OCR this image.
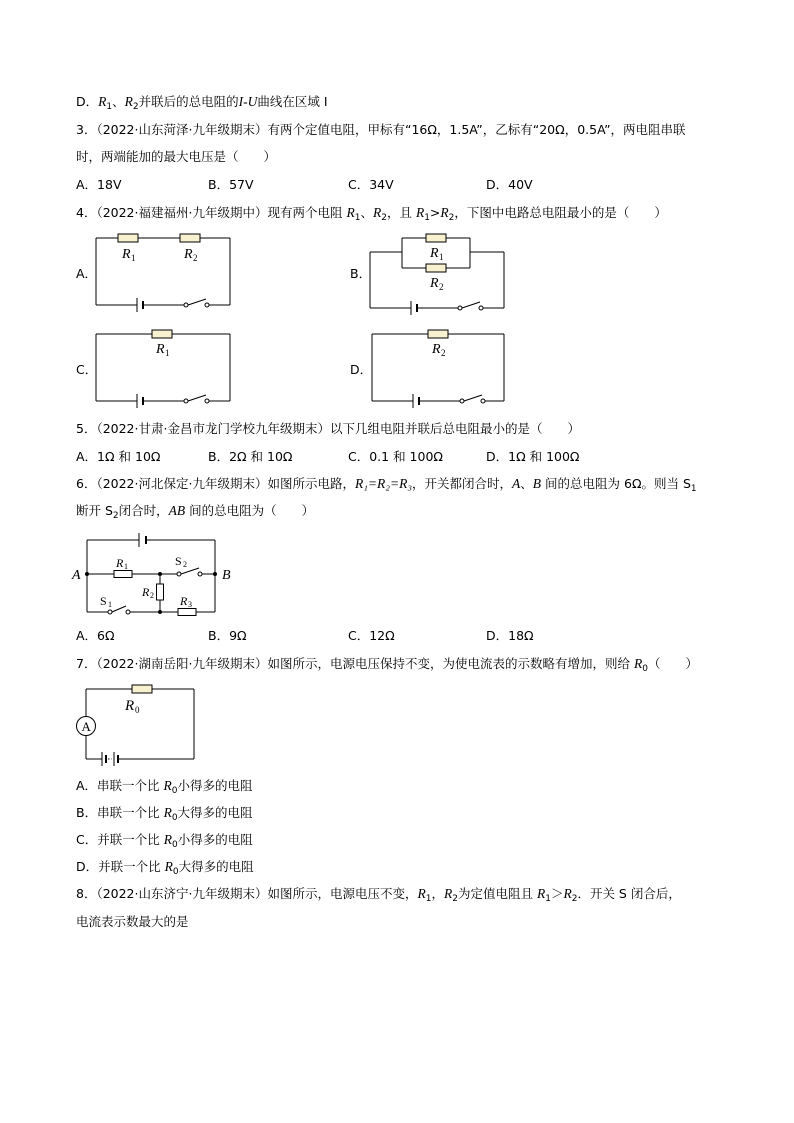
D．$R_1$、$R_2$并联后的总电阻的I-U曲线在区域 Ⅰ
3．（2022·山东菏泽·九年级期末）有两个定值电阻，甲标有“16Ω，1.5A”，乙标有“20Ω，0.5A”，两电阻串联
时，两端能加的最大电压是（　　）
A．18V	B．57V	C．34V	D．40V
4．（2022·福建福州·九年级期中）现有两个电阻 $R_1$、$R_2$，且 $R_1>R_2$，下图中电路总电阻最小的是（　　）
A．
R 1	R 2
B．
R 1
R 2
C．
R 1
D．
R 2
5．（2022·甘肃·金昌市龙门学校九年级期末）以下几组电阻并联后总电阻最小的是（　　）
A．1Ω 和 10Ω	B．2Ω 和 10Ω	C．0.1 和 100Ω	D．1Ω 和 100Ω
6．（2022·河北保定·九年级期末）如图所示电路，R₁=R₂=R₃，开关都闭合时，A、B 间的总电阻为 6Ω。则当 $S_1$
断开 $S_2$闭合时，AB 间的总电阻为（　　）
A	B
R 1
R 2 R 3
S 2
S 1
A．6Ω	B．9Ω	C．12Ω	D．18Ω
7．（2022·湖南岳阳·九年级期末）如图所示，电源电压保持不变，为使电流表的示数略有增加，则给 $R_0$（　　）
A
R 0
A．串联一个比 $R_0$小得多的电阻
B．串联一个比 $R_0$大得多的电阻
C．并联一个比 $R_0$小得多的电阻
D．并联一个比 $R_0$大得多的电阻
8．（2022·山东济宁·九年级期末）如图所示，电源电压不变，$R_1$，$R_2$为定值电阻且 $R_1>R_2$．开关 S 闭合后，
电流表示数最大的是
